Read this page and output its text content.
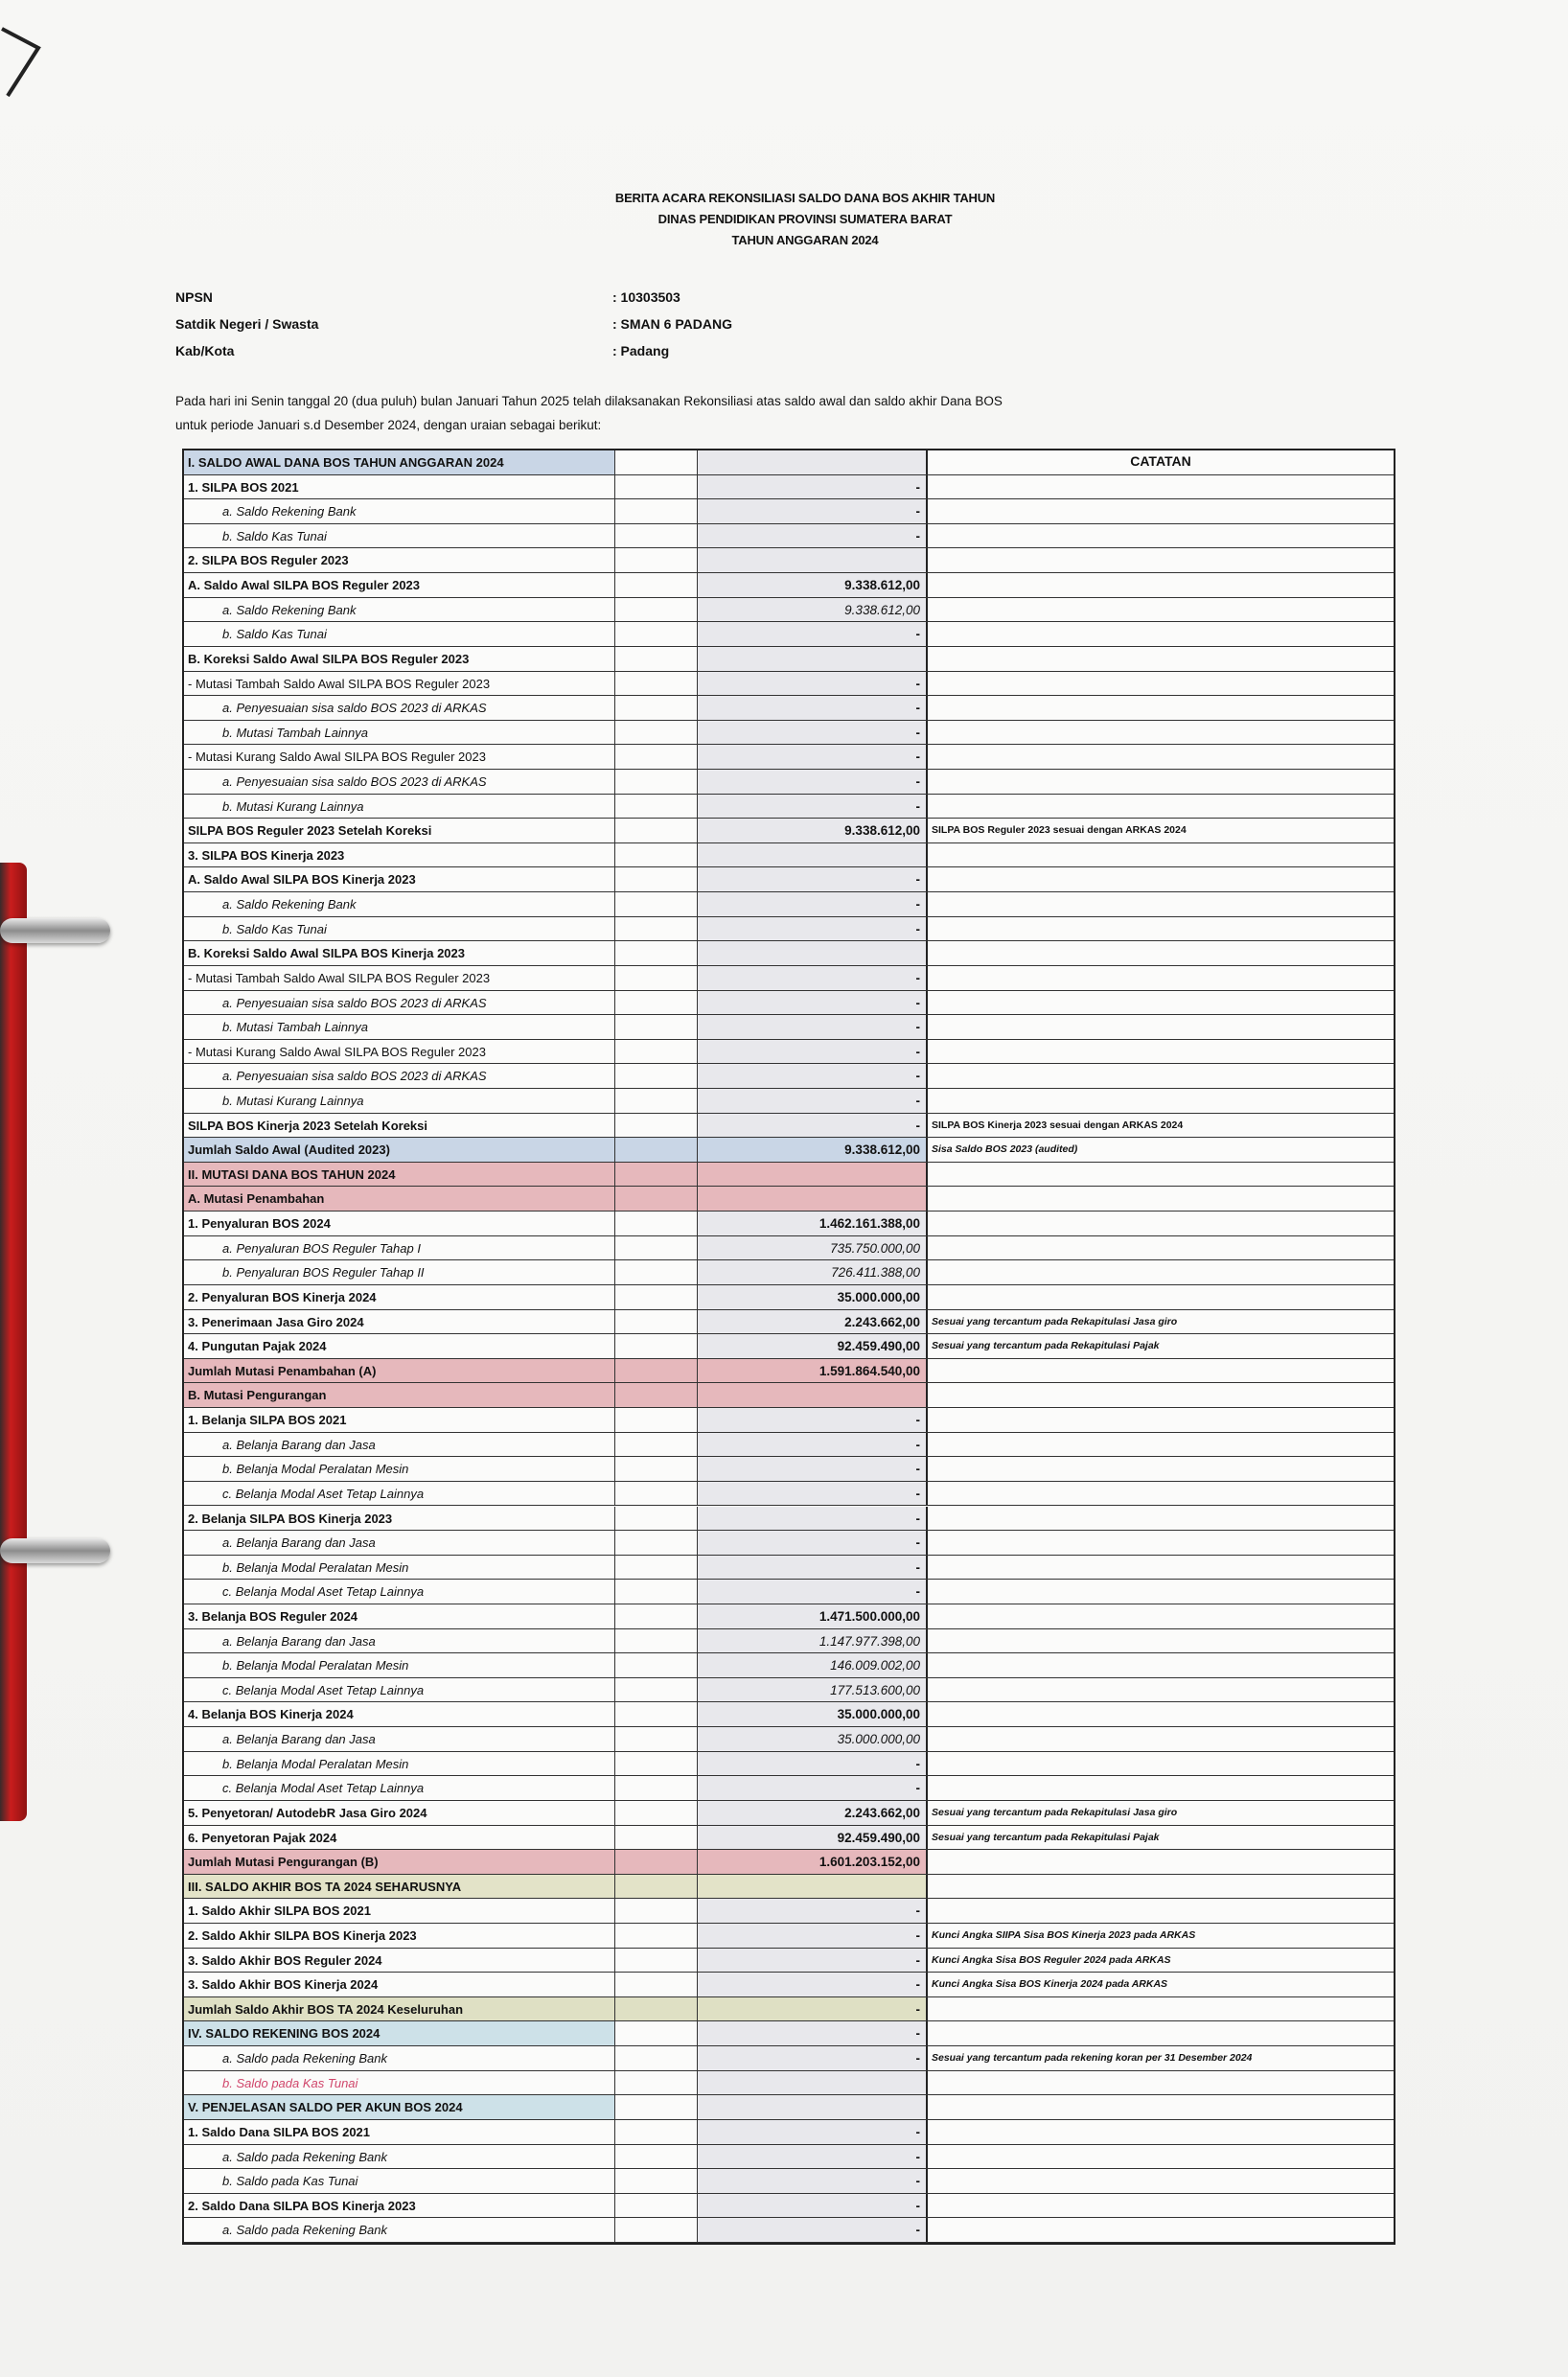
BERITA ACARA REKONSILIASI SALDO DANA BOS AKHIR TAHUN
DINAS PENDIDIKAN PROVINSI SUMATERA BARAT
TAHUN ANGGARAN 2024
NPSN	: 10303503
Satdik Negeri / Swasta	: SMAN 6 PADANG
Kab/Kota	: Padang
Pada hari ini Senin tanggal 20 (dua puluh) bulan Januari Tahun 2025 telah dilaksanakan Rekonsiliasi atas saldo awal dan saldo akhir Dana BOS untuk periode Januari s.d Desember 2024, dengan uraian sebagai berikut:
CATATAN
I. SALDO AWAL DANA BOS TAHUN ANGGARAN 2024
1. SILPA BOS 2021	-
a. Saldo Rekening Bank	-
b. Saldo Kas Tunai	-
2. SILPA BOS Reguler 2023
A. Saldo Awal SILPA BOS Reguler 2023	9.338.612,00
a. Saldo Rekening Bank	9.338.612,00
b. Saldo Kas Tunai	-
B. Koreksi Saldo Awal SILPA BOS Reguler 2023
- Mutasi Tambah Saldo Awal SILPA BOS Reguler 2023	-
a. Penyesuaian sisa saldo BOS 2023 di ARKAS	-
b. Mutasi Tambah Lainnya	-
- Mutasi Kurang Saldo Awal SILPA BOS Reguler 2023	-
a. Penyesuaian sisa saldo BOS 2023 di ARKAS	-
b. Mutasi Kurang Lainnya	-
SILPA BOS Reguler 2023 Setelah Koreksi	9.338.612,00	SILPA BOS Reguler 2023 sesuai dengan ARKAS 2024
3. SILPA BOS Kinerja 2023
A. Saldo Awal SILPA BOS Kinerja 2023	-
a. Saldo Rekening Bank	-
b. Saldo Kas Tunai	-
B. Koreksi Saldo Awal SILPA BOS Kinerja 2023
- Mutasi Tambah Saldo Awal SILPA BOS Reguler 2023	-
a. Penyesuaian sisa saldo BOS 2023 di ARKAS	-
b. Mutasi Tambah Lainnya	-
- Mutasi Kurang Saldo Awal SILPA BOS Reguler 2023	-
a. Penyesuaian sisa saldo BOS 2023 di ARKAS	-
b. Mutasi Kurang Lainnya	-
SILPA BOS Kinerja 2023 Setelah Koreksi	-	SILPA BOS Kinerja 2023 sesuai dengan ARKAS 2024
Jumlah Saldo Awal (Audited 2023)	9.338.612,00	Sisa Saldo BOS 2023 (audited)
II. MUTASI DANA BOS TAHUN 2024
A. Mutasi Penambahan
1. Penyaluran BOS 2024	1.462.161.388,00
a. Penyaluran BOS Reguler Tahap I	735.750.000,00
b. Penyaluran BOS Reguler Tahap II	726.411.388,00
2. Penyaluran BOS Kinerja 2024	35.000.000,00
3. Penerimaan Jasa Giro 2024	2.243.662,00	Sesuai yang tercantum pada Rekapitulasi Jasa giro
4. Pungutan Pajak 2024	92.459.490,00	Sesuai yang tercantum pada Rekapitulasi Pajak
Jumlah Mutasi Penambahan (A)	1.591.864.540,00
B. Mutasi Pengurangan
1. Belanja SILPA BOS 2021	-
a. Belanja Barang dan Jasa	-
b. Belanja Modal Peralatan Mesin	-
c. Belanja Modal Aset Tetap Lainnya	-
2. Belanja SILPA BOS Kinerja 2023	-
a. Belanja Barang dan Jasa	-
b. Belanja Modal Peralatan Mesin	-
c. Belanja Modal Aset Tetap Lainnya	-
3. Belanja BOS Reguler 2024	1.471.500.000,00
a. Belanja Barang dan Jasa	1.147.977.398,00
b. Belanja Modal Peralatan Mesin	146.009.002,00
c. Belanja Modal Aset Tetap Lainnya	177.513.600,00
4. Belanja BOS Kinerja 2024	35.000.000,00
a. Belanja Barang dan Jasa	35.000.000,00
b. Belanja Modal Peralatan Mesin	-
c. Belanja Modal Aset Tetap Lainnya	-
5. Penyetoran/ AutodebR Jasa Giro 2024	2.243.662,00	Sesuai yang tercantum pada Rekapitulasi Jasa giro
6. Penyetoran Pajak 2024	92.459.490,00	Sesuai yang tercantum pada Rekapitulasi Pajak
Jumlah Mutasi Pengurangan (B)	1.601.203.152,00
III. SALDO AKHIR BOS TA 2024 SEHARUSNYA
1. Saldo Akhir SILPA BOS 2021	-
2. Saldo Akhir SILPA BOS Kinerja 2023	-	Kunci Angka SIIPA Sisa BOS Kinerja 2023 pada ARKAS
3. Saldo Akhir BOS Reguler 2024	-	Kunci Angka Sisa BOS Reguler 2024 pada ARKAS
3. Saldo Akhir BOS Kinerja 2024	-	Kunci Angka Sisa BOS Kinerja 2024 pada ARKAS
Jumlah Saldo Akhir BOS TA 2024 Keseluruhan	-
IV. SALDO REKENING BOS 2024	-
a. Saldo pada Rekening Bank	-	Sesuai yang tercantum pada rekening koran per 31 Desember 2024
b. Saldo pada Kas Tunai
V. PENJELASAN SALDO PER AKUN BOS 2024
1. Saldo Dana SILPA BOS 2021	-
a. Saldo pada Rekening Bank	-
b. Saldo pada Kas Tunai	-
2. Saldo Dana SILPA BOS Kinerja 2023	-
a. Saldo pada Rekening Bank	-
